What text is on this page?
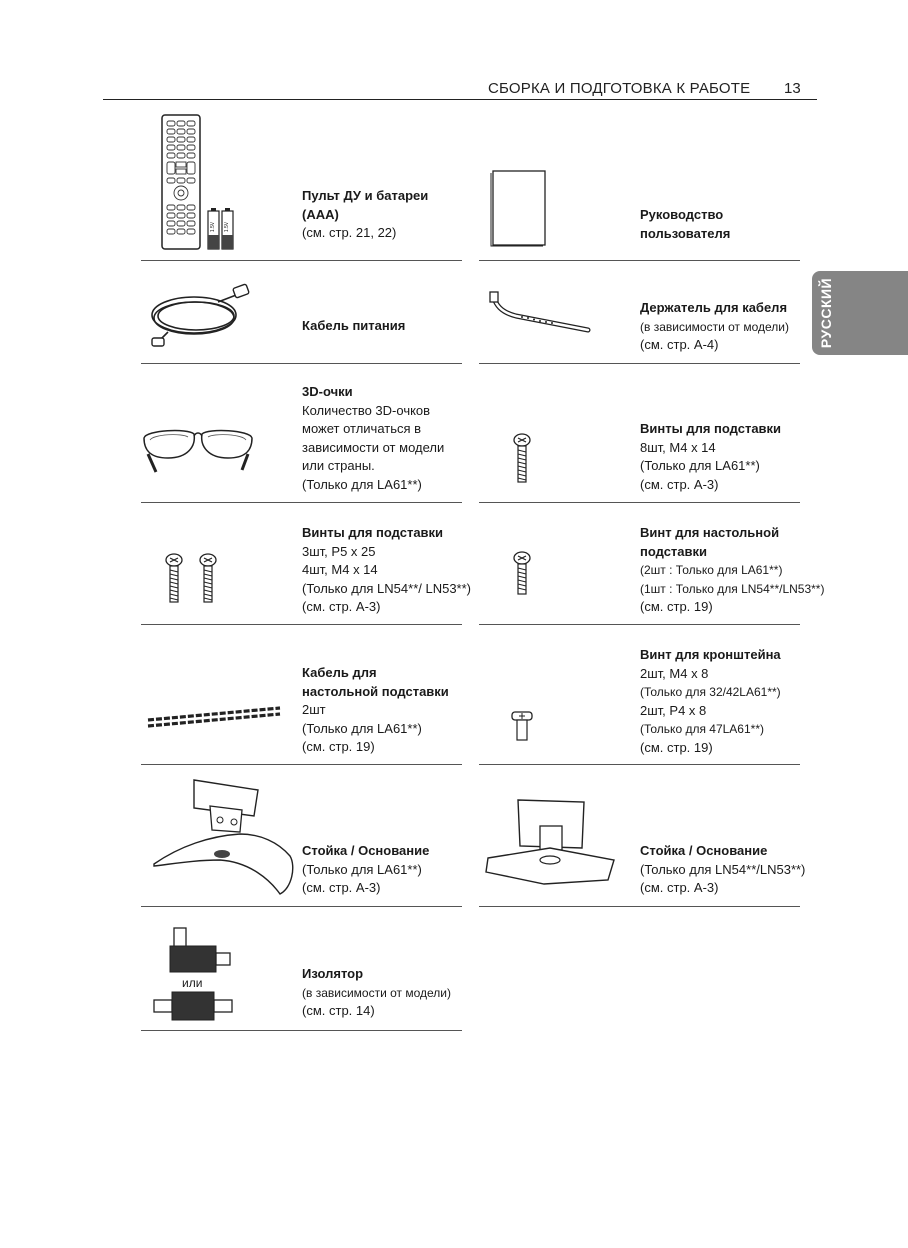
СБОРКА И ПОДГОТОВКА К РАБОТЕ 13
РУССКИЙ
1.5V 1.5V
Пульт ДУ и батареи
(AAA)
(см. стр. 21, 22)
Руководство
пользователя
Кабель питания
Держатель для кабеля
(в зависимости от модели)
(см. стр. А-4)
3D-очки
Количество 3D-очков
может отличаться в
зависимости от модели
или страны.
(Только для LA61**)
Винты для подставки
8шт, M4 x 14
(Только для LA61**)
(см. стр. А-3)
Винты для подставки
3шт, P5 x 25
4шт, M4 x 14
(Только для LN54**/ LN53**)
(см. стр. А-3)
Винт для настольной
подставки
(2шт : Только для LA61**)
(1шт : Только для LN54**/LN53**)
(см. стр. 19)
Кабель для
настольной подставки
2шт
(Только для LA61**)
(см. стр. 19)
Винт для кронштейна
2шт, M4 x 8
(Только для 32/42LA61**)
2шт, P4 x 8
(Только для 47LA61**)
(см. стр. 19)
Стойка / Основание
(Только для LA61**)
(см. стр. А-3)
Стойка / Основание
(Только для LN54**/LN53**)
(см. стр. А-3)
или
Изолятор
(в зависимости от модели)
(см. стр. 14)
